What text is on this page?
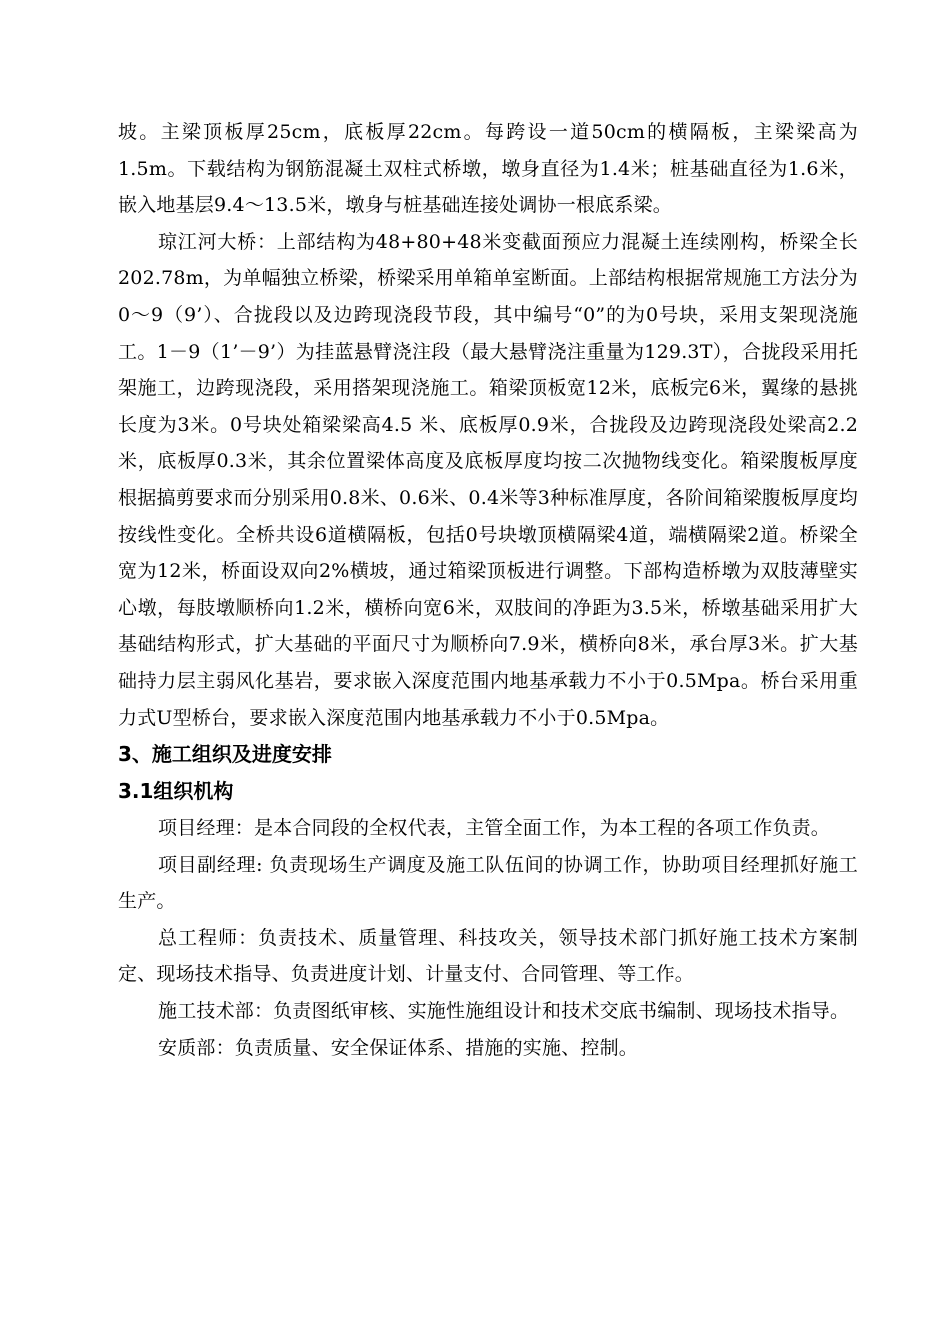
坡。主梁顶板厚25cm，底板厚22cm。每跨设一道50cm的横隔板，主梁梁高为1.5m。下载结构为钢筋混凝土双柱式桥墩，墩身直径为1.4米；桩基础直径为1.6米，嵌入地基层9.4～13.5米，墩身与桩基础连接处调协一根底系梁。

琼江河大桥：上部结构为48+80+48米变截面预应力混凝土连续刚构，桥梁全长202.78m，为单幅独立桥梁，桥梁采用单箱单室断面。上部结构根据常规施工方法分为0～9（9’）、合拢段以及边跨现浇段节段，其中编号“0”的为0号块，采用支架现浇施工。1－9（1’－9’）为挂蓝悬臂浇注段（最大悬臂浇注重量为129.3T），合拢段采用托架施工，边跨现浇段，采用搭架现浇施工。箱梁顶板宽12米，底板完6米，翼缘的悬挑长度为3米。0号块处箱梁梁高4.5 米、底板厚0.9米，合拢段及边跨现浇段处梁高2.2米，底板厚0.3米，其余位置梁体高度及底板厚度均按二次抛物线变化。箱梁腹板厚度根据搞剪要求而分别采用0.8米、0.6米、0.4米等3种标准厚度，各阶间箱梁腹板厚度均按线性变化。全桥共设6道横隔板，包括0号块墩顶横隔梁4道，端横隔梁2道。桥梁全宽为12米，桥面设双向2%横坡，通过箱梁顶板进行调整。下部构造桥墩为双肢薄壁实心墩，每肢墩顺桥向1.2米，横桥向宽6米，双肢间的净距为3.5米，桥墩基础采用扩大基础结构形式，扩大基础的平面尺寸为顺桥向7.9米，横桥向8米，承台厚3米。扩大基础持力层主弱风化基岩，要求嵌入深度范围内地基承载力不小于0.5Mpa。桥台采用重力式U型桥台，要求嵌入深度范围内地基承载力不小于0.5Mpa。

3、施工组织及进度安排
3.1组织机构

项目经理：是本合同段的全权代表，主管全面工作，为本工程的各项工作负责。

项目副经理: 负责现场生产调度及施工队伍间的协调工作，协助项目经理抓好施工生产。

总工程师：负责技术、质量管理、科技攻关，领导技术部门抓好施工技术方案制定、现场技术指导、负责进度计划、计量支付、合同管理、等工作。

施工技术部：负责图纸审核、实施性施组设计和技术交底书编制、现场技术指导。

安质部：负责质量、安全保证体系、措施的实施、控制。
